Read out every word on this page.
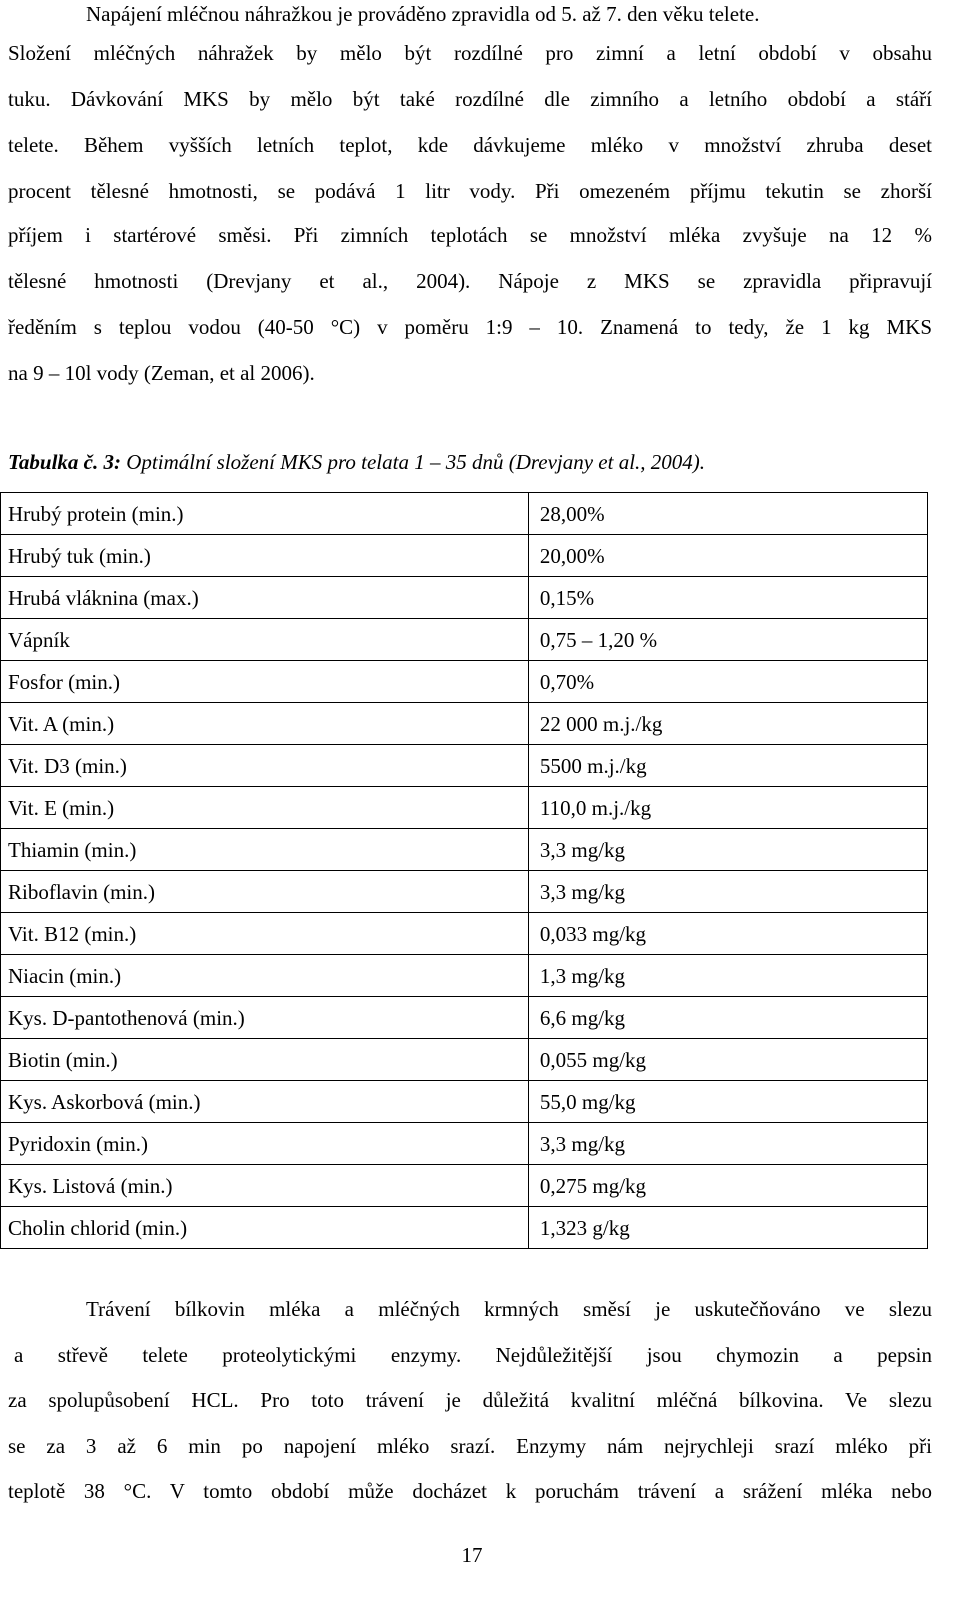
Napájení mléčnou náhražkou je prováděno zpravidla od 5. až 7. den věku telete.
Složení mléčných náhražek by mělo být rozdílné pro zimní a letní období v obsahu
tuku. Dávkování MKS by mělo být také rozdílné dle zimního a letního období a stáří
telete. Během vyšších letních teplot, kde dávkujeme mléko v množství zhruba deset
procent tělesné hmotnosti, se podává 1 litr vody. Při omezeném příjmu tekutin se zhorší
příjem i startérové směsi. Při zimních teplotách se množství mléka zvyšuje na 12 %
tělesné hmotnosti (Drevjany et al., 2004). Nápoje z MKS se zpravidla připravují
ředěním s teplou vodou (40-50 °C) v poměru 1:9 – 10. Znamená to tedy, že 1 kg MKS
na 9 – 10l vody (Zeman, et al 2006).
Tabulka č. 3: Optimální složení MKS pro telata 1 – 35 dnů (Drevjany et al., 2004).
Hrubý protein (min.)	28,00%
Hrubý tuk (min.)	20,00%
Hrubá vláknina (max.)	0,15%
Vápník	0,75 – 1,20 %
Fosfor (min.)	0,70%
Vit. A (min.)	22 000 m.j./kg
Vit. D3 (min.)	5500 m.j./kg
Vit. E (min.)	110,0 m.j./kg
Thiamin (min.)	3,3 mg/kg
Riboflavin (min.)	3,3 mg/kg
Vit. B12 (min.)	0,033 mg/kg
Niacin (min.)	1,3 mg/kg
Kys. D-pantothenová (min.)	6,6 mg/kg
Biotin (min.)	0,055 mg/kg
Kys. Askorbová (min.)	55,0 mg/kg
Pyridoxin (min.)	3,3 mg/kg
Kys. Listová (min.)	0,275 mg/kg
Cholin chlorid (min.)	1,323 g/kg
Trávení bílkovin mléka a mléčných krmných směsí je uskutečňováno ve slezu
a střevě telete proteolytickými enzymy. Nejdůležitější jsou chymozin a pepsin
za spolupůsobení HCL. Pro toto trávení je důležitá kvalitní mléčná bílkovina. Ve slezu
se za 3 až 6 min po napojení mléko srazí. Enzymy nám nejrychleji srazí mléko při
teplotě 38 °C. V tomto období může docházet k poruchám trávení a srážení mléka nebo
17
